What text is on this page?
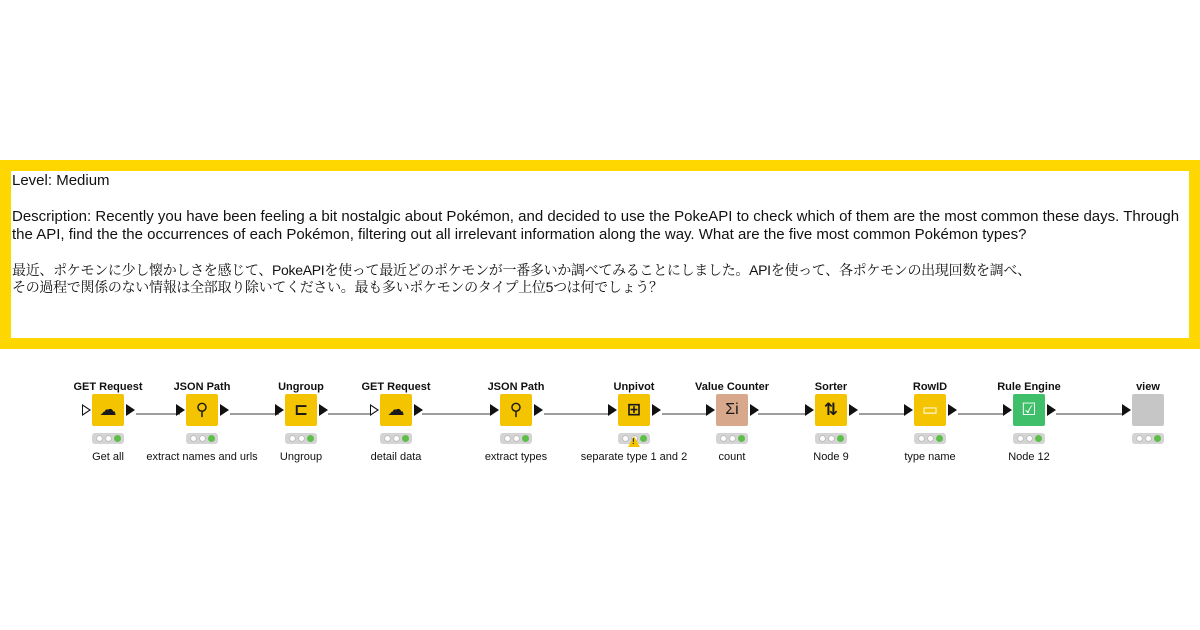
Level: Medium

Description: Recently you have been feeling a bit nostalgic about Pokémon, and decided to use the PokeAPI to check which of them are the most common these days. Through the API, find the the occurrences of each Pokémon, filtering out all irrelevant information along the way. What are the five most common Pokémon types?

最近、ポケモンに少し懐かしさを感じて、PokeAPIを使って最近どのポケモンが一番多いか調べてみることにしました。APIを使って、各ポケモンの出現回数を調べ、
その過程で関係のない情報は全部取り除いてください。最も多いポケモンのタイプ上位5つは何でしょう？
GET Request
☁
Get all
JSON Path
⚲
extract names and urls
Ungroup
⊏
Ungroup
GET Request
☁
detail data
JSON Path
⚲
extract types
Unpivot
⊞
!
separate type 1 and 2
Value Counter
Σi
count
Sorter
⇅
Node 9
RowID
▭
type name
Rule Engine
☑
Node 12
view
